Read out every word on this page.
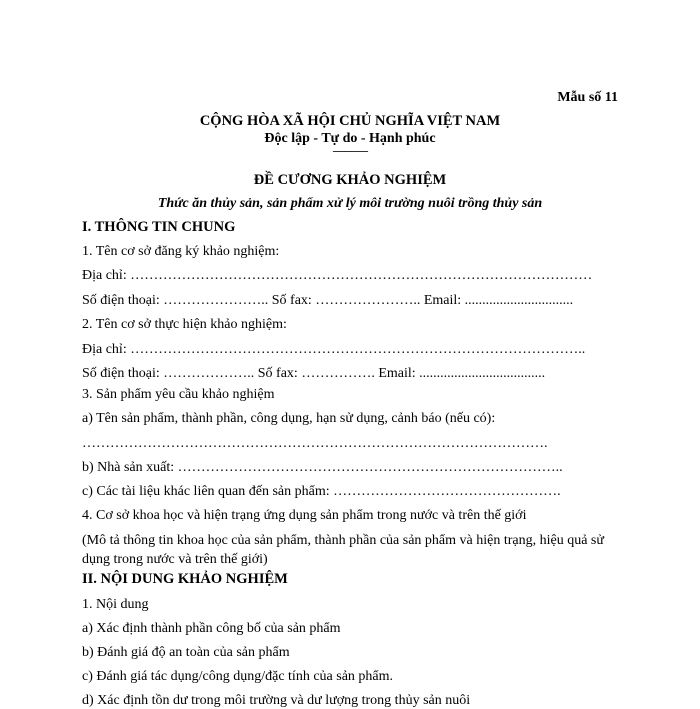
Mẫu số 11
CỘNG HÒA XÃ HỘI CHỦ NGHĨA VIỆT NAM
Độc lập - Tự do - Hạnh phúc
---------------
ĐỀ CƯƠNG KHẢO NGHIỆM
Thức ăn thủy sản, sản phẩm xử lý môi trường nuôi trồng thủy sản
I. THÔNG TIN CHUNG
1. Tên cơ sở đăng ký khảo nghiệm:
Địa chỉ: ………………………………………………………………………………………
Số điện thoại: ………………….. Số fax: ………………….. Email: ...............................
2. Tên cơ sở thực hiện khảo nghiệm:
Địa chỉ: ……………………………………………………………………………………..
Số điện thoại: ……………….. Số fax: ……………. Email: ....................................
3. Sản phẩm yêu cầu khảo nghiệm
a) Tên sản phẩm, thành phần, công dụng, hạn sử dụng, cảnh báo (nếu có):
……………………………………………………………………………………….
b) Nhà sản xuất: ………………………………………………………………………..
c) Các tài liệu khác liên quan đến sản phẩm: ………………………………………….
4. Cơ sở khoa học và hiện trạng ứng dụng sản phẩm trong nước và trên thế giới
(Mô tả thông tin khoa học của sản phẩm, thành phần của sản phẩm và hiện trạng, hiệu quả sử dụng trong nước và trên thế giới)
II. NỘI DUNG KHẢO NGHIỆM
1. Nội dung
a) Xác định thành phần công bố của sản phẩm
b) Đánh giá độ an toàn của sản phẩm
c) Đánh giá tác dụng/công dụng/đặc tính của sản phẩm.
d) Xác định tồn dư trong môi trường và dư lượng trong thủy sản nuôi
